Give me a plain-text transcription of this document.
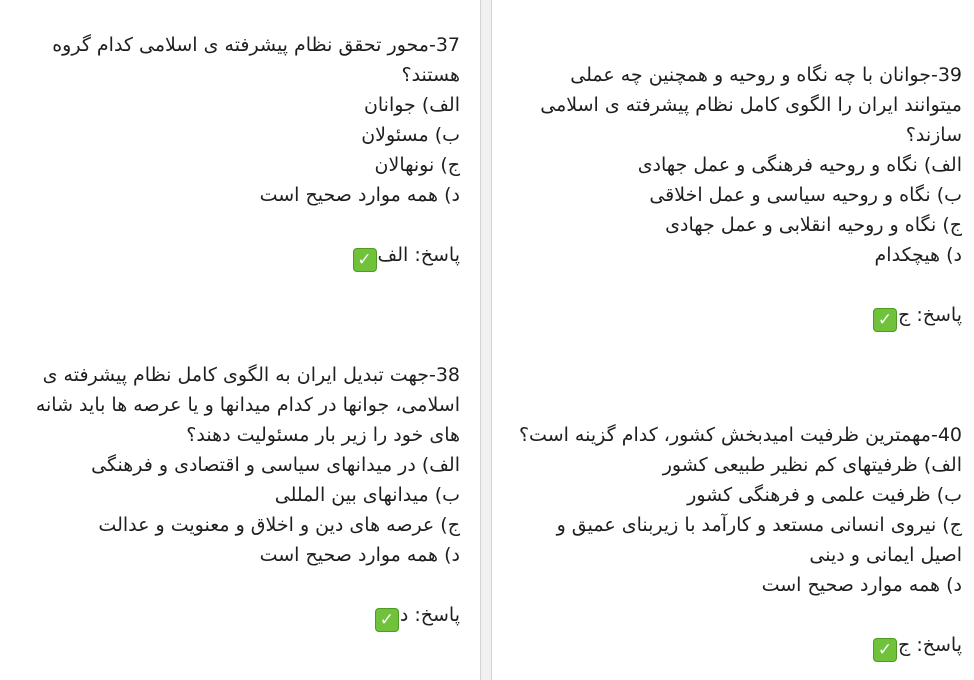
37-محور تحقق نظام پیشرفته ی اسلامی کدام گروه
هستند؟
الف) جوانان
ب) مسئولان
ج) نونهالان
د) همه موارد صحیح است
پاسخ: الف✓
38-جهت تبدیل ایران به الگوی کامل نظام پیشرفته ی
اسلامی، جوانها در کدام میدانها و یا عرصه ها باید شانه
های خود را زیر بار مسئولیت دهند؟
الف) در میدانهای سیاسی و اقتصادی و فرهنگی
ب) میدانهای بین المللی
ج) عرصه های دین و اخلاق و معنویت و عدالت
د) همه موارد صحیح است
پاسخ: د✓
39-جوانان با چه نگاه و روحیه و همچنین چه عملی
میتوانند ایران را الگوی کامل نظام پیشرفته ی اسلامی
سازند؟
الف) نگاه و روحیه فرهنگی و عمل جهادی
ب) نگاه و روحیه سیاسی و عمل اخلاقی
ج) نگاه و روحیه انقلابی و عمل جهادی
د) هیچکدام
پاسخ: ج✓
40-مهمترین ظرفیت امیدبخش کشور، کدام گزینه است؟
الف) ظرفیتهای کم نظیر طبیعی کشور
ب) ظرفیت علمی و فرهنگی کشور
ج) نیروی انسانی مستعد و کارآمد با زیربنای عمیق و
اصیل ایمانی و دینی
د) همه موارد صحیح است
پاسخ: ج✓
